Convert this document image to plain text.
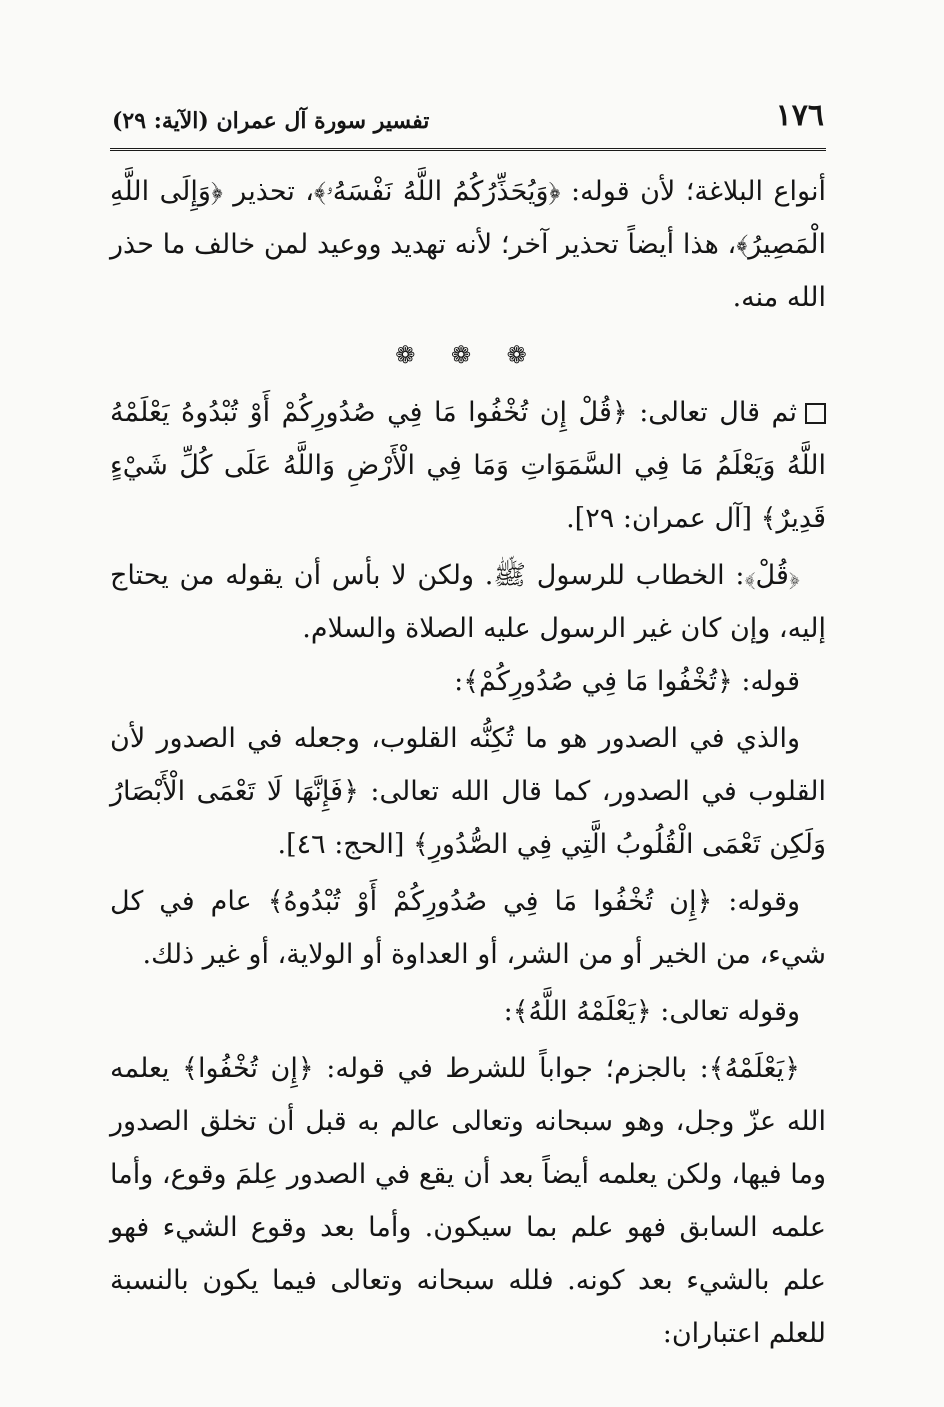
١٧٦
تفسير سورة آل عمران (الآية: ٢٩)

أنواع البلاغة؛ لأن قوله: ﴿وَيُحَذِّرُكُمُ اللَّهُ نَفْسَهُۥ﴾، تحذير ﴿وَإِلَى اللَّهِ الْمَصِيرُ﴾، هذا أيضاً تحذير آخر؛ لأنه تهديد ووعيد لمن خالف ما حذر الله منه.

❁ ❁ ❁

ثم قال تعالى: ﴿قُلْ إِن تُخْفُوا مَا فِي صُدُورِكُمْ أَوْ تُبْدُوهُ يَعْلَمْهُ اللَّهُ وَيَعْلَمُ مَا فِي السَّمَوَاتِ وَمَا فِي الْأَرْضِ وَاللَّهُ عَلَى كُلِّ شَيْءٍ قَدِيرٌ﴾ [آل عمران: ٢٩].

﴿قُلْ﴾: الخطاب للرسول ﷺ. ولكن لا بأس أن يقوله من يحتاج إليه، وإن كان غير الرسول عليه الصلاة والسلام.

قوله: ﴿تُخْفُوا مَا فِي صُدُورِكُمْ﴾:

والذي في الصدور هو ما تُكِنُّه القلوب، وجعله في الصدور لأن القلوب في الصدور، كما قال الله تعالى: ﴿فَإِنَّهَا لَا تَعْمَى الْأَبْصَارُ وَلَكِن تَعْمَى الْقُلُوبُ الَّتِي فِي الصُّدُورِ﴾ [الحج: ٤٦].

وقوله: ﴿إِن تُخْفُوا مَا فِي صُدُورِكُمْ أَوْ تُبْدُوهُ﴾ عام في كل شيء، من الخير أو من الشر، أو العداوة أو الولاية، أو غير ذلك.

وقوله تعالى: ﴿يَعْلَمْهُ اللَّهُ﴾:

﴿يَعْلَمْهُ﴾: بالجزم؛ جواباً للشرط في قوله: ﴿إِن تُخْفُوا﴾ يعلمه الله عزّ وجل، وهو سبحانه وتعالى عالم به قبل أن تخلق الصدور وما فيها، ولكن يعلمه أيضاً بعد أن يقع في الصدور عِلمَ وقوع، وأما علمه السابق فهو علم بما سيكون. وأما بعد وقوع الشيء فهو علم بالشيء بعد كونه. فلله سبحانه وتعالى فيما يكون بالنسبة للعلم اعتباران:
